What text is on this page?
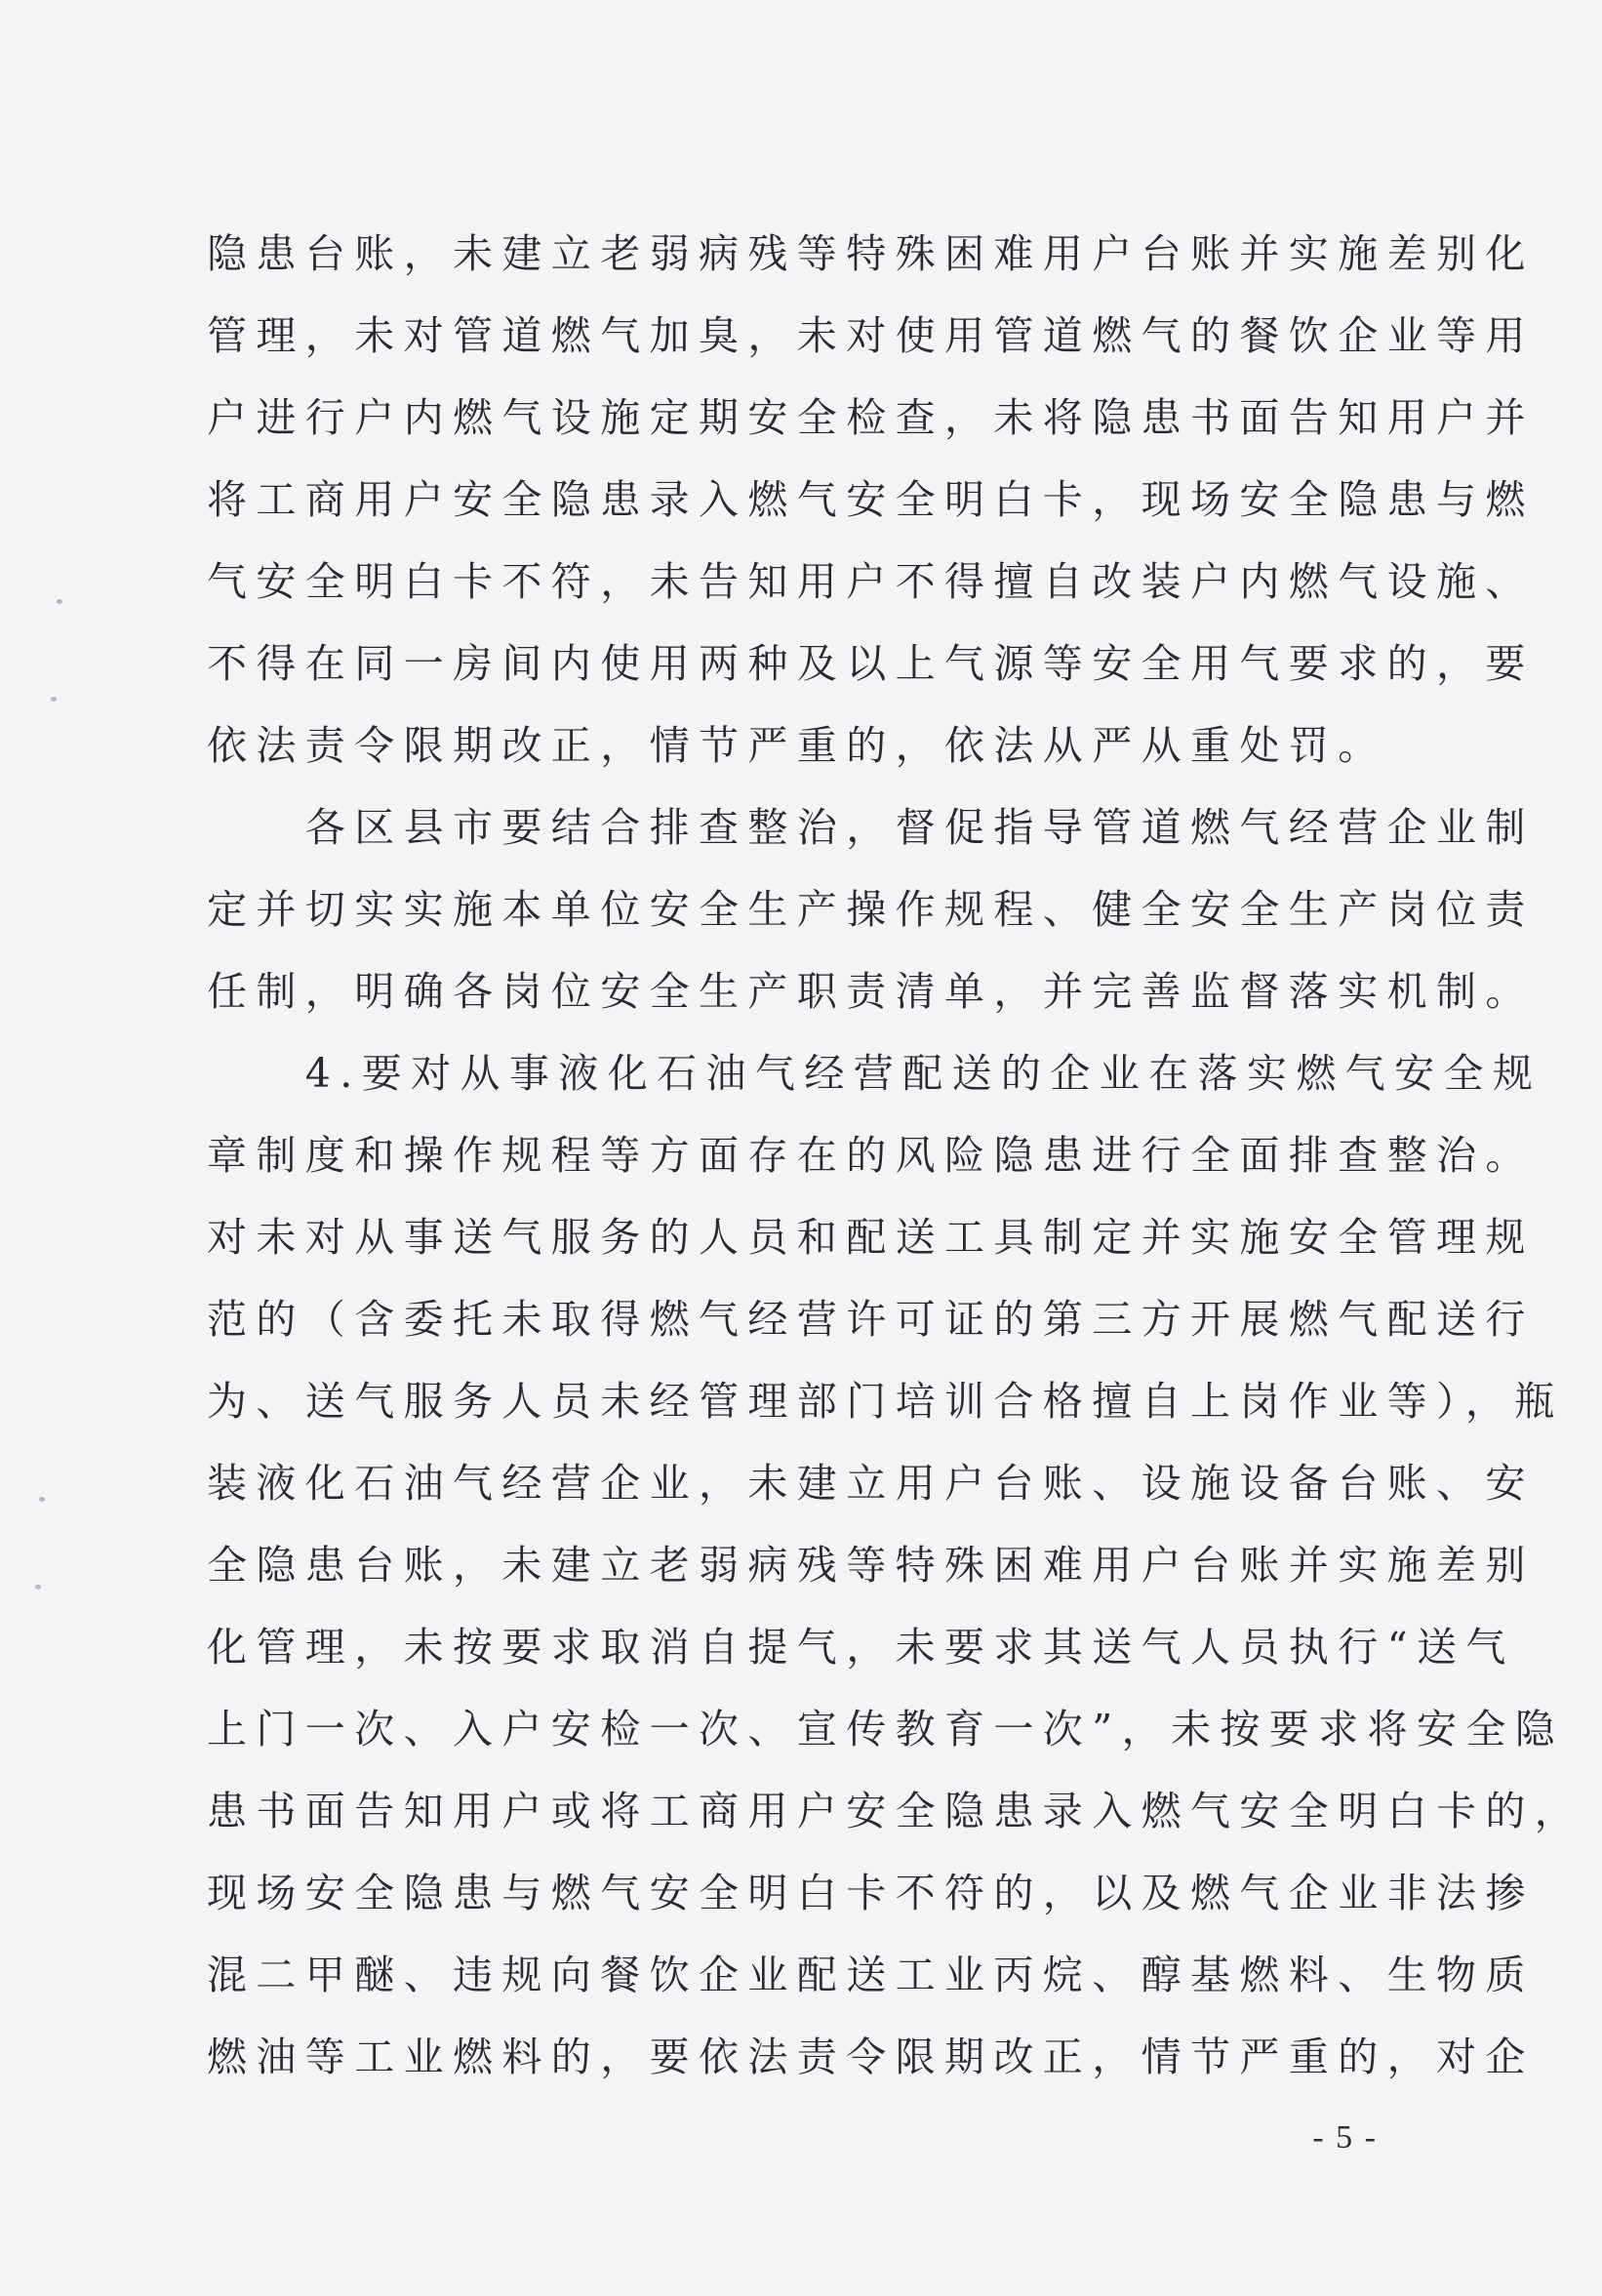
隐患台账，未建立老弱病残等特殊困难用户台账并实施差别化
管理，未对管道燃气加臭，未对使用管道燃气的餐饮企业等用
户进行户内燃气设施定期安全检查，未将隐患书面告知用户并
将工商用户安全隐患录入燃气安全明白卡，现场安全隐患与燃
气安全明白卡不符，未告知用户不得擅自改装户内燃气设施、
不得在同一房间内使用两种及以上气源等安全用气要求的，要
依法责令限期改正，情节严重的，依法从严从重处罚。
　　各区县市要结合排查整治，督促指导管道燃气经营企业制
定并切实实施本单位安全生产操作规程、健全安全生产岗位责
任制，明确各岗位安全生产职责清单，并完善监督落实机制。
　　4.要对从事液化石油气经营配送的企业在落实燃气安全规
章制度和操作规程等方面存在的风险隐患进行全面排查整治。
对未对从事送气服务的人员和配送工具制定并实施安全管理规
范的（含委托未取得燃气经营许可证的第三方开展燃气配送行
为、送气服务人员未经管理部门培训合格擅自上岗作业等），瓶
装液化石油气经营企业，未建立用户台账、设施设备台账、安
全隐患台账，未建立老弱病残等特殊困难用户台账并实施差别
化管理，未按要求取消自提气，未要求其送气人员执行“送气
上门一次、入户安检一次、宣传教育一次”，未按要求将安全隐
患书面告知用户或将工商用户安全隐患录入燃气安全明白卡的，
现场安全隐患与燃气安全明白卡不符的，以及燃气企业非法掺
混二甲醚、违规向餐饮企业配送工业丙烷、醇基燃料、生物质
燃油等工业燃料的，要依法责令限期改正，情节严重的，对企
- 5 -
